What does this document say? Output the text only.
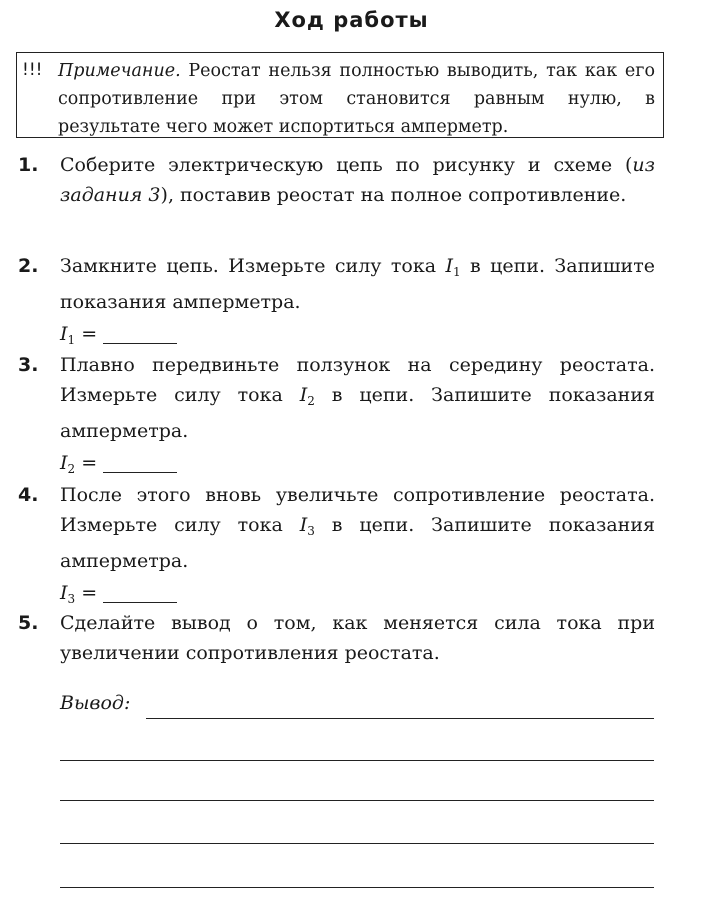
Ход работы
!!! Примечание. Реостат нельзя полностью выводить, так как его сопротивление при этом становится равным нулю, в результате чего может испортиться амперметр.
1. Соберите электрическую цепь по рисунку и схеме (из задания 3), поставив реостат на полное сопротивление.
2. Замкните цепь. Измерьте силу тока $I_1$ в цепи. Запишите показания амперметра.
$I_1$ =
3. Плавно передвиньте ползунок на середину реостата. Измерьте силу тока $I_2$ в цепи. Запишите показания амперметра.
$I_2$ =
4. После этого вновь увеличьте сопротивление реостата. Измерьте силу тока $I_3$ в цепи. Запишите показания амперметра.
$I_3$ =
5. Сделайте вывод о том, как меняется сила тока при увеличении сопротивления реостата.
Вывод:
